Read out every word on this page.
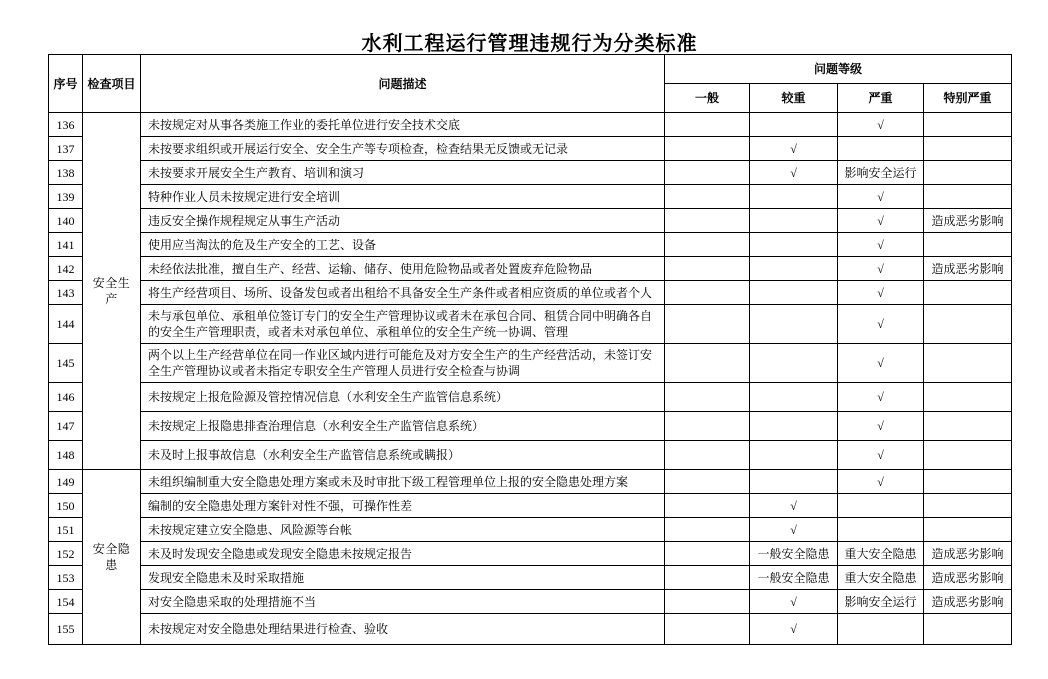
水利工程运行管理违规行为分类标准
序号	检查项目	问题描述	问题等级			
			一般	较重	严重	特别严重
136	安全生产	未按规定对从事各类施工作业的委托单位进行安全技术交底			√	
137		未按要求组织或开展运行安全、安全生产等专项检查，检查结果无反馈或无记录		√		
138		未按要求开展安全生产教育、培训和演习		√	影响安全运行	
139		特种作业人员未按规定进行安全培训			√	
140		违反安全操作规程规定从事生产活动			√	造成恶劣影响
141		使用应当淘汰的危及生产安全的工艺、设备			√	
142		未经依法批准，擅自生产、经营、运输、储存、使用危险物品或者处置废弃危险物品			√	造成恶劣影响
143		将生产经营项目、场所、设备发包或者出租给不具备安全生产条件或者相应资质的单位或者个人			√	
144		未与承包单位、承租单位签订专门的安全生产管理协议或者未在承包合同、租赁合同中明确各自的安全生产管理职责，或者未对承包单位、承租单位的安全生产统一协调、管理			√	
145		两个以上生产经营单位在同一作业区域内进行可能危及对方安全生产的生产经营活动，未签订安全生产管理协议或者未指定专职安全生产管理人员进行安全检查与协调			√	
146		未按规定上报危险源及管控情况信息（水利安全生产监管信息系统）			√	
147		未按规定上报隐患排查治理信息（水利安全生产监管信息系统）			√	
148		未及时上报事故信息（水利安全生产监管信息系统或瞒报）			√	
149	安全隐患	未组织编制重大安全隐患处理方案或未及时审批下级工程管理单位上报的安全隐患处理方案			√	
150		编制的安全隐患处理方案针对性不强，可操作性差		√		
151		未按规定建立安全隐患、风险源等台帐		√		
152		未及时发现安全隐患或发现安全隐患未按规定报告		一般安全隐患	重大安全隐患	造成恶劣影响
153		发现安全隐患未及时采取措施		一般安全隐患	重大安全隐患	造成恶劣影响
154		对安全隐患采取的处理措施不当		√	影响安全运行	造成恶劣影响
155		未按规定对安全隐患处理结果进行检查、验收		√		
